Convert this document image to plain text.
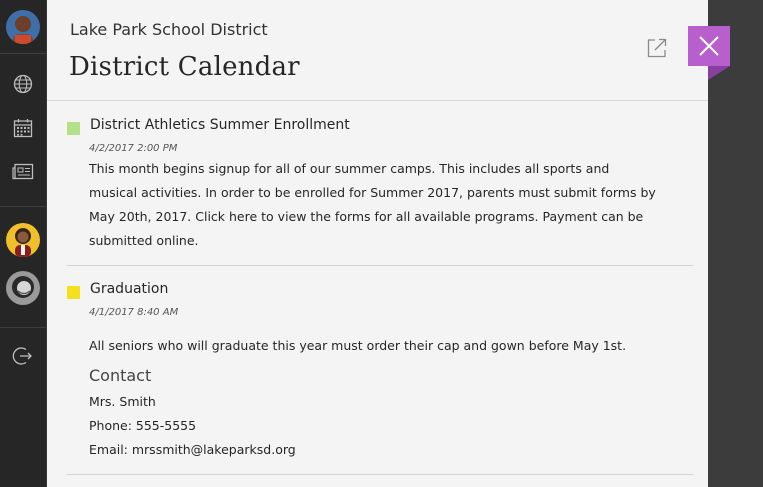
Lake Park School District
District Calendar
District Athletics Summer Enrollment
4/2/2017 2:00 PM
This month begins signup for all of our summer camps. This includes all sports and
musical activities. In order to be enrolled for Summer 2017, parents must submit forms by
May 20th, 2017. Click here to view the forms for all available programs. Payment can be
submitted online.
Graduation
4/1/2017 8:40 AM
All seniors who will graduate this year must order their cap and gown before May 1st.
Contact
Mrs. Smith
Phone: 555-5555
Email: mrssmith@lakeparksd.org
